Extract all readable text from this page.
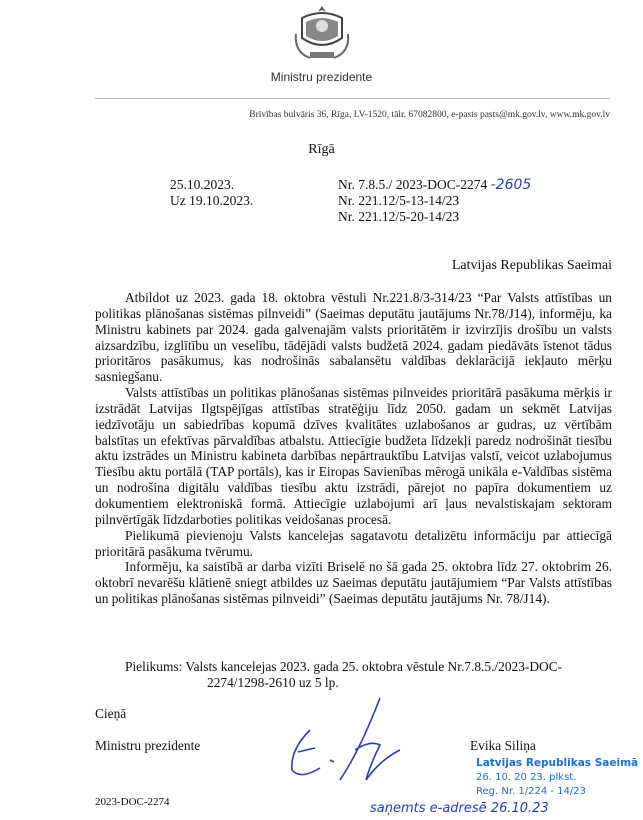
Ministru prezidente
Brīvības bulvāris 36, Rīga, LV-1520, tālr. 67082800, e-pasts pasts@mk.gov.lv, www.mk.gov.lv
Rīgā
25.10.2023.
Uz 19.10.2023.
Nr. 7.8.5./ 2023-DOC-2274 -2605
Nr. 221.12/5-13-14/23
Nr. 221.12/5-20-14/23
Latvijas Republikas Saeimai

Atbildot uz 2023. gada 18. oktobra vēstuli Nr.221.8/3-314/23 “Par Valsts attīstības un politikas plānošanas sistēmas pilnveidi” (Saeimas deputātu jautājums Nr.78/J14), informēju, ka Ministru kabinets par 2024. gada galvenajām valsts prioritātēm ir izvirzījis drošību un valsts aizsardzību, izglītību un veselību, tādējādi valsts budžetā 2024. gadam piedāvāts īstenot tādus prioritāros pasākumus, kas nodrošinās sabalansētu valdības deklarācijā iekļauto mērķu sasniegšanu.

Valsts attīstības un politikas plānošanas sistēmas pilnveides prioritārā pasākuma mērķis ir izstrādāt Latvijas Ilgtspējīgas attīstības stratēģiju līdz 2050. gadam un sekmēt Latvijas iedzīvotāju un sabiedrības kopumā dzīves kvalitātes uzlabošanos ar gudras, uz vērtībām balstītas un efektīvas pārvaldības atbalstu. Attiecīgie budžeta līdzekļi paredz nodrošināt tiesību aktu izstrādes un Ministru kabineta darbības nepārtrauktību Latvijas valstī, veicot uzlabojumus Tiesību aktu portālā (TAP portāls), kas ir Eiropas Savienības mērogā unikāla e-Valdības sistēma un nodrošina digitālu valdības tiesību aktu izstrādi, pārejot no papīra dokumentiem uz dokumentiem elektroniskā formā. Attiecīgie uzlabojumi arī ļaus nevalstiskajam sektoram pilnvērtīgāk līdzdarboties politikas veidošanas procesā.

Pielikumā pievienoju Valsts kancelejas sagatavotu detalizētu informāciju par attiecīgā prioritārā pasākuma tvērumu.

Informēju, ka saistībā ar darba vizīti Briselē no šā gada 25. oktobra līdz 27. oktobrim 26. oktobrī nevarēšu klātienē sniegt atbildes uz Saeimas deputātu jautājumiem “Par Valsts attīstības un politikas plānošanas sistēmas pilnveidi” (Saeimas deputātu jautājums Nr. 78/J14).

Pielikums: Valsts kancelejas 2023. gada 25. oktobra vēstule Nr.7.8.5./2023-DOC-
2274/1298-2610 uz 5 lp.
Cieņā
Ministru prezidente	Evika Siliņa
Latvijas Republikas Saeimā
26. 10. 20 23. plkst.
Reg. Nr. 1/224 - 14/23
saņemts e-adresē 26.10.23
2023-DOC-2274
